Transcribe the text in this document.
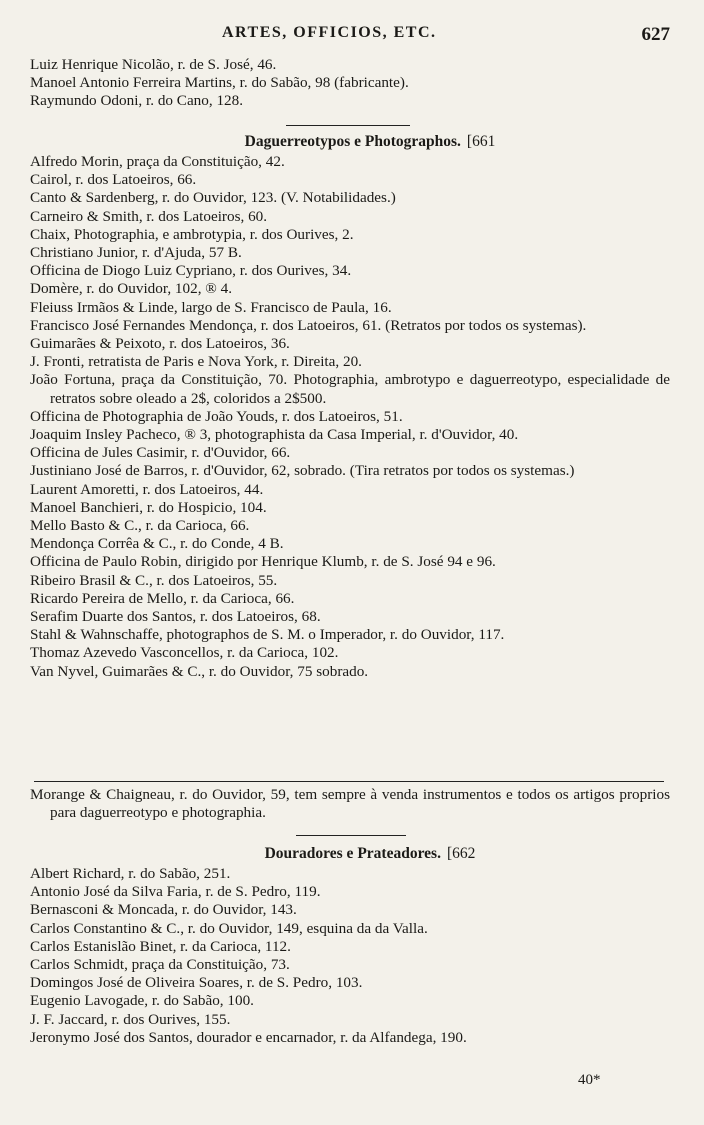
ARTES, OFFICIOS, ETC.	627
Luiz Henrique Nicolão, r. de S. José, 46.
Manoel Antonio Ferreira Martins, r. do Sabão, 98 (fabricante).
Raymundo Odoni, r. do Cano, 128.
Daguerreotypos e Photographos. [661
Alfredo Morin, praça da Constituição, 42.
Cairol, r. dos Latoeiros, 66.
Canto & Sardenberg, r. do Ouvidor, 123. (V. Notabilidades.)
Carneiro & Smith, r. dos Latoeiros, 60.
Chaix, Photographia, e ambrotypia, r. dos Ourives, 2.
Christiano Junior, r. d'Ajuda, 57 B.
Officina de Diogo Luiz Cypriano, r. dos Ourives, 34.
Domère, r. do Ouvidor, 102, ® 4.
Fleiuss Irmãos & Linde, largo de S. Francisco de Paula, 16.
Francisco José Fernandes Mendonça, r. dos Latoeiros, 61. (Retratos por todos os systemas).
Guimarães & Peixoto, r. dos Latoeiros, 36.
J. Fronti, retratista de Paris e Nova York, r. Direita, 20.
João Fortuna, praça da Constituição, 70. Photographia, ambrotypo e daguerreotypo, especialidade de retratos sobre oleado a 2$, coloridos a 2$500.
Officina de Photographia de João Youds, r. dos Latoeiros, 51.
Joaquim Insley Pacheco, ® 3, photographista da Casa Imperial, r. d'Ouvidor, 40.
Officina de Jules Casimir, r. d'Ouvidor, 66.
Justiniano José de Barros, r. d'Ouvidor, 62, sobrado. (Tira retratos por todos os systemas.)
Laurent Amoretti, r. dos Latoeiros, 44.
Manoel Banchieri, r. do Hospicio, 104.
Mello Basto & C., r. da Carioca, 66.
Mendonça Corrêa & C., r. do Conde, 4 B.
Officina de Paulo Robin, dirigido por Henrique Klumb, r. de S. José 94 e 96.
Ribeiro Brasil & C., r. dos Latoeiros, 55.
Ricardo Pereira de Mello, r. da Carioca, 66.
Serafim Duarte dos Santos, r. dos Latoeiros, 68.
Stahl & Wahnschaffe, photographos de S. M. o Imperador, r. do Ouvidor, 117.
Thomaz Azevedo Vasconcellos, r. da Carioca, 102.
Van Nyvel, Guimarães & C., r. do Ouvidor, 75 sobrado.
Morange & Chaigneau, r. do Ouvidor, 59, tem sempre à venda instrumentos e todos os artigos proprios para daguerreotypo e photographia.
Douradores e Prateadores. [662
Albert Richard, r. do Sabão, 251.
Antonio José da Silva Faria, r. de S. Pedro, 119.
Bernasconi & Moncada, r. do Ouvidor, 143.
Carlos Constantino & C., r. do Ouvidor, 149, esquina da da Valla.
Carlos Estanislão Binet, r. da Carioca, 112.
Carlos Schmidt, praça da Constituição, 73.
Domingos José de Oliveira Soares, r. de S. Pedro, 103.
Eugenio Lavogade, r. do Sabão, 100.
J. F. Jaccard, r. dos Ourives, 155.
Jeronymo José dos Santos, dourador e encarnador, r. da Alfandega, 190.
40*
